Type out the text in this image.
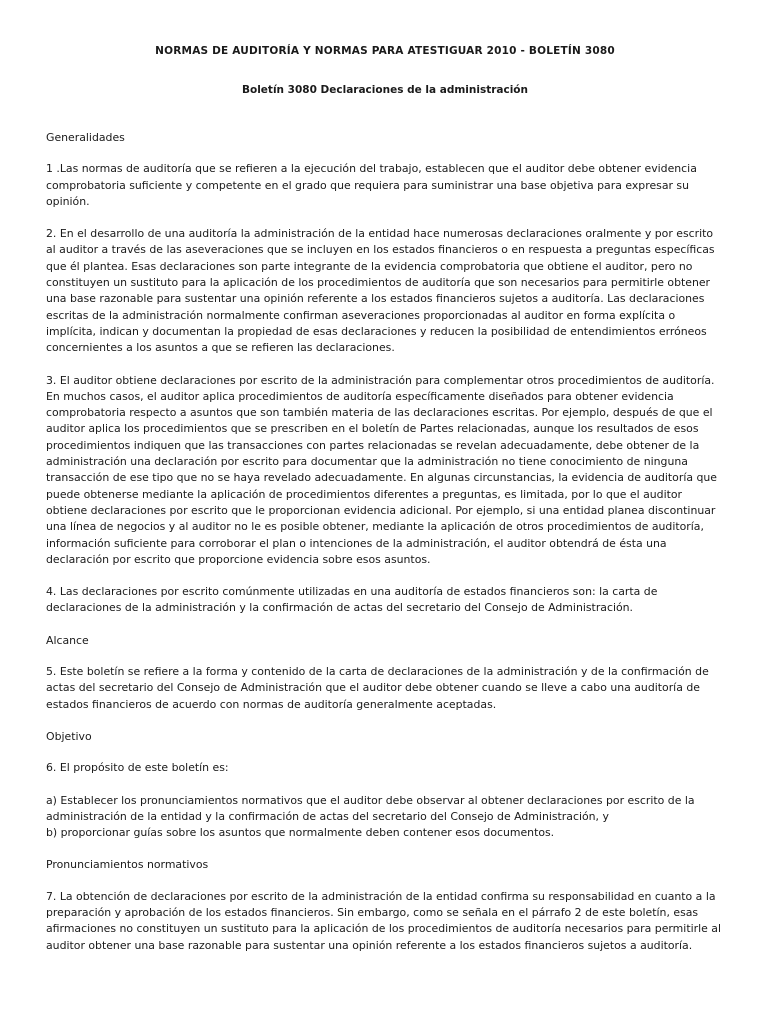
NORMAS DE AUDITORÍA Y NORMAS PARA ATESTIGUAR 2010 - BOLETÍN 3080
Boletín 3080 Declaraciones de la administración
Generalidades

1 .Las normas de auditoría que se refieren a la ejecución del trabajo, establecen que el auditor debe obtener evidencia comprobatoria suficiente y competente en el grado que requiera para suministrar una base objetiva para expresar su opinión.

2. En el desarrollo de una auditoría la administración de la entidad hace numerosas declaraciones oralmente y por escrito al auditor a través de las aseveraciones que se incluyen en los estados financieros o en respuesta a preguntas específicas que él plantea. Esas declaraciones son parte integrante de la evidencia comprobatoria que obtiene el auditor, pero no constituyen un sustituto para la aplicación de los procedimientos de auditoría que son necesarios para permitirle obtener una base razonable para sustentar una opinión referente a los estados financieros sujetos a auditoría. Las declaraciones escritas de la administración normalmente confirman aseveraciones proporcionadas al auditor en forma explícita o implícita, indican y documentan la propiedad de esas declaraciones y reducen la posibilidad de entendimientos erróneos concernientes a los asuntos a que se refieren las declaraciones.

3. El auditor obtiene declaraciones por escrito de la administración para complementar otros procedimientos de auditoría. En muchos casos, el auditor aplica procedimientos de auditoría específicamente diseñados para obtener evidencia comprobatoria respecto a asuntos que son también materia de las declaraciones escritas. Por ejemplo, después de que el auditor aplica los procedimientos que se prescriben en el boletín de Partes relacionadas, aunque los resultados de esos procedimientos indiquen que las transacciones con partes relacionadas se revelan adecuadamente, debe obtener de la administración una declaración por escrito para documentar que la administración no tiene conocimiento de ninguna transacción de ese tipo que no se haya revelado adecuadamente. En algunas circunstancias, la evidencia de auditoría que puede obtenerse mediante la aplicación de procedimientos diferentes a preguntas, es limitada, por lo que el auditor obtiene declaraciones por escrito que le proporcionan evidencia adicional. Por ejemplo, si una entidad planea discontinuar una línea de negocios y al auditor no le es posible obtener, mediante la aplicación de otros procedimientos de auditoría, información suficiente para corroborar el plan o intenciones de la administración, el auditor obtendrá de ésta una declaración por escrito que proporcione evidencia sobre esos asuntos.

4. Las declaraciones por escrito comúnmente utilizadas en una auditoría de estados financieros son: la carta de declaraciones de la administración y la confirmación de actas del secretario del Consejo de Administración.

Alcance

5. Este boletín se refiere a la forma y contenido de la carta de declaraciones de la administración y de la confirmación de actas del secretario del Consejo de Administración que el auditor debe obtener cuando se lleve a cabo una auditoría de estados financieros de acuerdo con normas de auditoría generalmente aceptadas.

Objetivo

6. El propósito de este boletín es:

a) Establecer los pronunciamientos normativos que el auditor debe observar al obtener declaraciones por escrito de la administración de la entidad y la confirmación de actas del secretario del Consejo de Administración, y

b) proporcionar guías sobre los asuntos que normalmente deben contener esos documentos.

Pronunciamientos normativos

7. La obtención de declaraciones por escrito de la administración de la entidad confirma su responsabilidad en cuanto a la preparación y aprobación de los estados financieros. Sin embargo, como se señala en el párrafo 2 de este boletín, esas afirmaciones no constituyen un sustituto para la aplicación de los procedimientos de auditoría necesarios para permitirle al auditor obtener una base razonable para sustentar una opinión referente a los estados financieros sujetos a auditoría.
